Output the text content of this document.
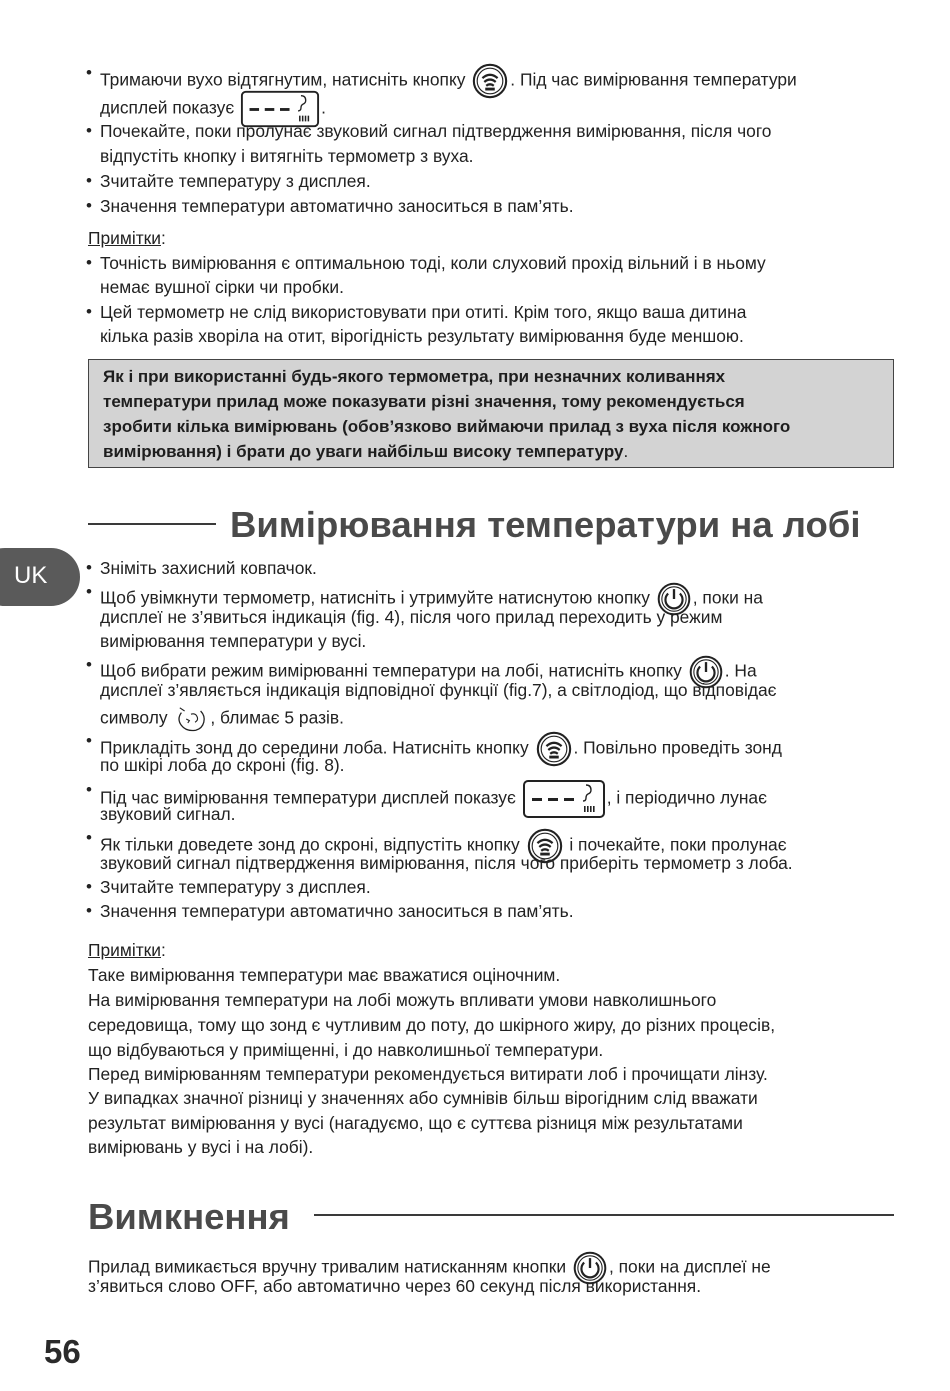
• Тримаючи вухо відтягнутим, натисніть кнопку	. Під час вимірювання температури
дисплей показує	.
• Почекайте, поки пролунає звуковий сигнал підтвердження вимірювання, після чого
відпустіть кнопку і витягніть термометр з вуха.
• Зчитайте температуру з дисплея.
• Значення температури автоматично заноситься в пам’ять.
Примітки:
• Точність вимірювання є оптимальною тоді, коли слуховий прохід вільний і в ньому
немає вушної сірки чи пробки.
• Цей термометр не слід використовувати при отиті. Крім того, якщо ваша дитина
кілька разів хворіла на отит, вірогідність результату вимірювання буде меншою.
Як і при використанні будь-якого термометра, при незначних коливаннях
температури прилад може показувати різні значення, тому рекомендується
зробити кілька вимірювань (обов’язково виймаючи прилад з вуха після кожного
вимірювання) і брати до уваги найбільш високу температуру.
Вимірювання температури на лобі
UK • Зніміть захисний ковпачок.
• Щоб увімкнути термометр, натисніть і утримуйте натиснутою кнопку , поки на
дисплеї не з’явиться індикація (fig. 4), після чого прилад переходить у режим
вимірювання температури у вусі.
• Щоб вибрати режим вимірюванні температури на лобі, натисніть кнопку . На
дисплеї з’являється індикація відповідної функції (fig.7), а світлодіод, що відповідає
символу , блимає 5 разів.
• Прикладіть зонд до середини лоба. Натисніть кнопку	. Повільно проведіть зонд
по шкірі лоба до скроні (fig. 8).
• Під час вимірювання температури дисплей показує	, і періодично лунає
звуковий сигнал.
• Як тільки доведете зонд до скроні, відпустіть кнопку	і почекайте, поки пролунає
звуковий сигнал підтвердження вимірювання, після чого приберіть термометр з лоба.
• Зчитайте температуру з дисплея.
• Значення температури автоматично заноситься в пам’ять.
Примітки:
Таке вимірювання температури має вважатися оціночним.
На вимірювання температури на лобі можуть впливати умови навколишнього
середовища, тому що зонд є чутливим до поту, до шкірного жиру, до різних процесів,
що відбуваються у приміщенні, і до навколишньої температури.
Перед вимірюванням температури рекомендується витирати лоб і прочищати лінзу.
У випадках значної різниці у значеннях або сумнівів більш вірогідним слід вважати
результат вимірювання у вусі (нагадуємо, що є суттєва різниця між результатами
вимірювань у вусі і на лобі).
Вимкнення
Прилад вимикається вручну тривалим натисканням кнопки , поки на дисплеї не
з’явиться слово OFF, або автоматично через 60 секунд після використання.
56
